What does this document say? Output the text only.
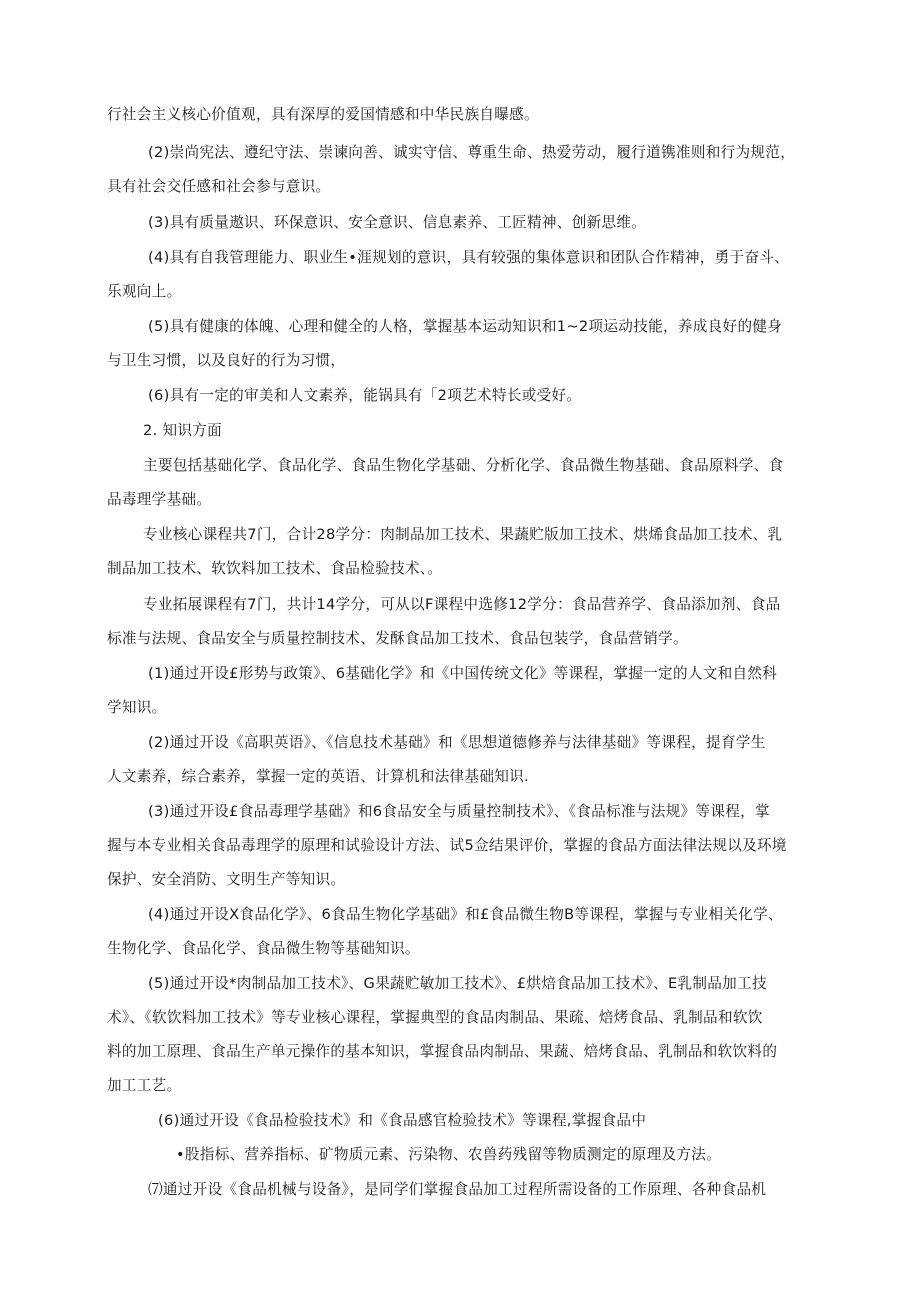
行社会主义核心价值观，具有深厚的爱国情感和中华民族自曝感。
(2)崇尚宪法、遵纪守法、崇谏向善、诚实守信、尊重生命、热爱劳动，履行道镌准则和行为规范，
具有社会交任感和社会参与意识。
(3)具有质量遨识、环保意识、安全意识、信息素养、工匠精神、创新思维。
(4)具有自我管理能力、职业生•涯规划的意识，具有较强的集体意识和团队合作精神，勇于奋斗、
乐观向上。
(5)具有健康的体魄、心理和健全的人格，掌握基本运动知识和1~2项运动技能，养成良好的健身
与卫生习惯，以及良好的行为习惯，
(6)具有一定的审美和人文素养，能锅具有「2项艺术特长或受好。
2. 知识方面
主要包括基础化学、食品化学、食品生物化学基础、分析化学、食品微生物基础、食品原料学、食
品毒理学基础。
专业核心课程共7门，合计28学分：肉制品加工技术、果蔬贮版加工技术、烘烯食品加工技术、乳
制品加工技术、软饮料加工技术、食品检验技术、。
专业拓展课程有7门，共计14学分，可从以F课程中选修12学分：食品营养学、食品添加剂、食品
标准与法规、食品安全与质量控制技术、发酥食品加工技术、食品包装学，食品营销学。
(1)通过开设£形势与政策》、6基础化学》和《中国传统文化》等课程，掌握一定的人文和自然科
学知识。
(2)通过开设《高职英语》、《信息技术基础》和《思想道德修养与法律基础》等课程，提育学生
人文素养，综合素养，掌握一定的英语、计算机和法律基础知识.
(3)通过开设£食品毒理学基础》和6食品安全与质量控制技术》、《食品标准与法规》等课程，掌
握与本专业相关食品毒理学的原理和试验设计方法、试5佥结果评价，掌握的食品方面法律法规以及环境
保护、安全消防、文明生产等知识。
(4)通过开设X食品化学》、6食品生物化学基础》和£食品微生物B等课程，掌握与专业相关化学、
生物化学、食品化学、食品微生物等基础知识。
(5)通过开设*肉制品加工技术》、G果蔬贮敏加工技术》、£烘焙食品加工技术》、E乳制品加工技
术》、《软饮料加工技术》等专业核心课程，掌握典型的食品肉制品、果疏、焙烤食品、乳制品和软饮
料的加工原理、食品生产单元操作的基本知识，掌握食品肉制品、果蔬、焙烤食品、乳制品和软饮料的
加工工艺。
(6)通过开设《食品检验技术》和《食品感官检验技术》等课程,掌握食品中
•股指标、营养指标、矿物质元素、污染物、农兽药残留等物质测定的原理及方法。
⑺通过开设《食品机械与设备》，是同学们掌握食品加工过程所需设备的工作原理、各种食品机
